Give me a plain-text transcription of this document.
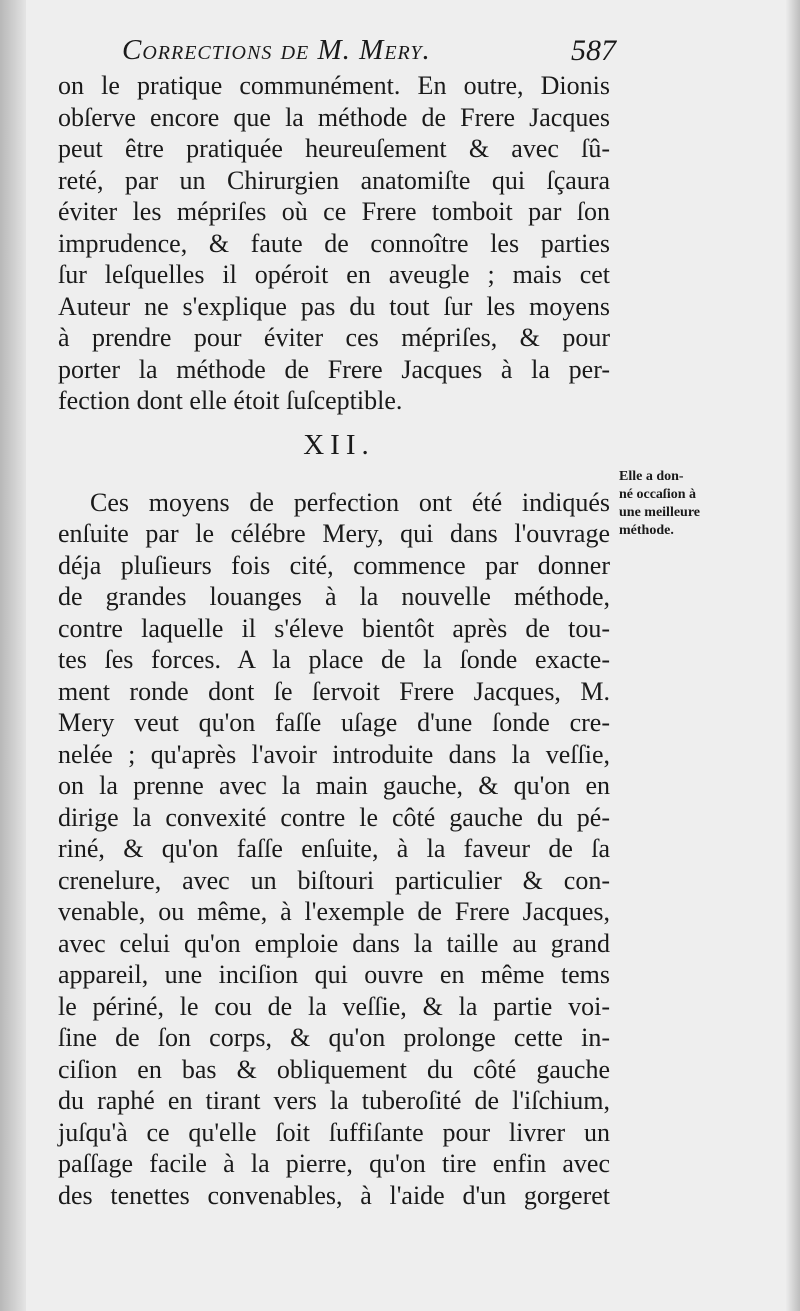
Corrections de M. Mery.	587
on le pratique communément. En outre, Dionis
obſerve encore que la méthode de Frere Jacques
peut être pratiquée heureuſement & avec ſû-
reté, par un Chirurgien anatomiſte qui ſçaura
éviter les mépriſes où ce Frere tomboit par ſon
imprudence, & faute de connoître les parties
ſur leſquelles il opéroit en aveugle ; mais cet
Auteur ne s'explique pas du tout ſur les moyens
à prendre pour éviter ces mépriſes, & pour
porter la méthode de Frere Jacques à la per-
fection dont elle étoit ſuſceptible.
XII.
Ces moyens de perfection ont été indiqués
enſuite par le célébre Mery, qui dans l'ouvrage
déja pluſieurs fois cité, commence par donner
de grandes louanges à la nouvelle méthode,
contre laquelle il s'éleve bientôt après de tou-
tes ſes forces. A la place de la ſonde exacte-
ment ronde dont ſe ſervoit Frere Jacques, M.
Mery veut qu'on faſſe uſage d'une ſonde cre-
nelée ; qu'après l'avoir introduite dans la veſſie,
on la prenne avec la main gauche, & qu'on en
dirige la convexité contre le côté gauche du pé-
riné, & qu'on faſſe enſuite, à la faveur de ſa
crenelure, avec un biſtouri particulier & con-
venable, ou même, à l'exemple de Frere Jacques,
avec celui qu'on emploie dans la taille au grand
appareil, une inciſion qui ouvre en même tems
le périné, le cou de la veſſie, & la partie voi-
ſine de ſon corps, & qu'on prolonge cette in-
ciſion en bas & obliquement du côté gauche
du raphé en tirant vers la tuberoſité de l'iſchium,
juſqu'à ce qu'elle ſoit ſuffiſante pour livrer un
paſſage facile à la pierre, qu'on tire enfin avec
des tenettes convenables, à l'aide d'un gorgeret
Elle a don-
né occaſion à
une meilleure
méthode.
